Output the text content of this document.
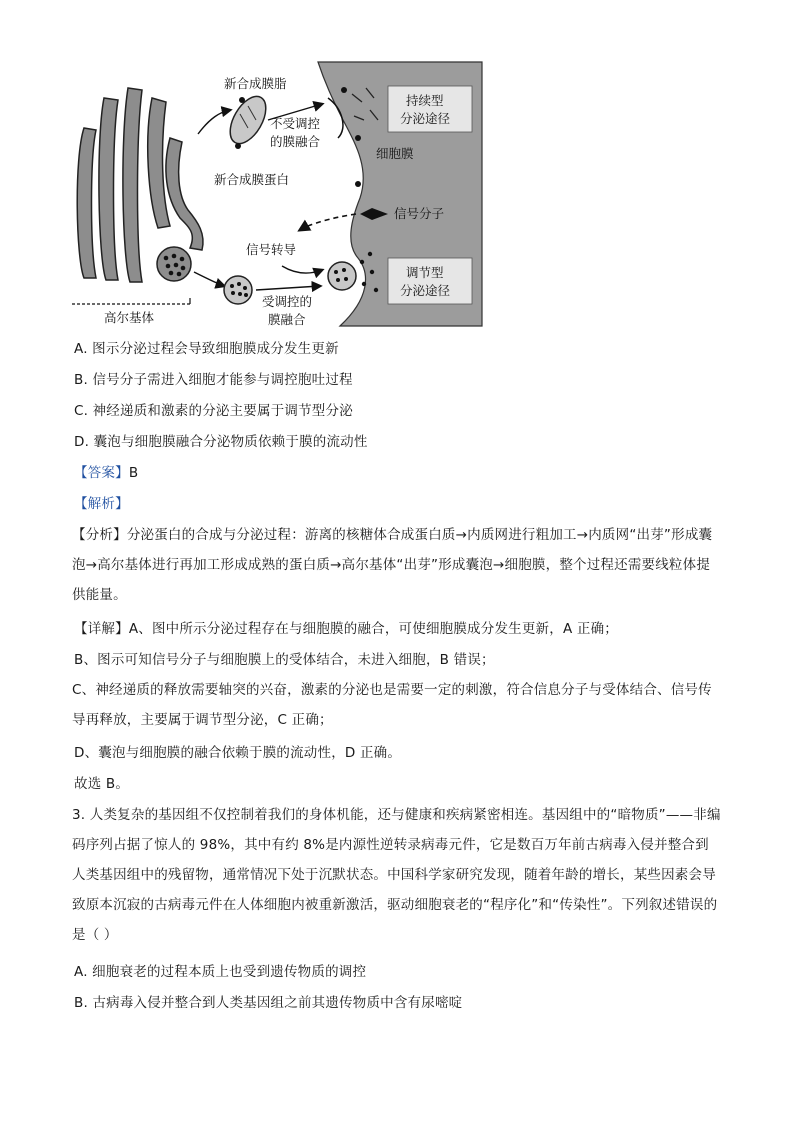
新合成膜脂
不受调控
的膜融合
新合成膜蛋白
持续型
分泌途径
细胞膜
信号分子
信号转导
受调控的
膜融合
调节型
分泌途径
高尔基体
A. 图示分泌过程会导致细胞膜成分发生更新
B. 信号分子需进入细胞才能参与调控胞吐过程
C. 神经递质和激素的分泌主要属于调节型分泌
D. 囊泡与细胞膜融合分泌物质依赖于膜的流动性
【答案】B
【解析】
【分析】分泌蛋白的合成与分泌过程：游离的核糖体合成蛋白质→内质网进行粗加工→内质网“出芽”形成囊泡→高尔基体进行再加工形成成熟的蛋白质→高尔基体“出芽”形成囊泡→细胞膜，整个过程还需要线粒体提供能量。
【详解】A、图中所示分泌过程存在与细胞膜的融合，可使细胞膜成分发生更新，A 正确；
B、图示可知信号分子与细胞膜上的受体结合，未进入细胞，B 错误；
C、神经递质的释放需要轴突的兴奋，激素的分泌也是需要一定的刺激，符合信息分子与受体结合、信号传导再释放，主要属于调节型分泌，C 正确；
D、囊泡与细胞膜的融合依赖于膜的流动性，D 正确。
故选 B。
3. 人类复杂的基因组不仅控制着我们的身体机能，还与健康和疾病紧密相连。基因组中的“暗物质”——非编码序列占据了惊人的 98%，其中有约 8%是内源性逆转录病毒元件，它是数百万年前古病毒入侵并整合到人类基因组中的残留物，通常情况下处于沉默状态。中国科学家研究发现，随着年龄的增长，某些因素会导致原本沉寂的古病毒元件在人体细胞内被重新激活，驱动细胞衰老的“程序化”和“传染性”。下列叙述错误的是（ ）
A. 细胞衰老的过程本质上也受到遗传物质的调控
B. 古病毒入侵并整合到人类基因组之前其遗传物质中含有尿嘧啶
